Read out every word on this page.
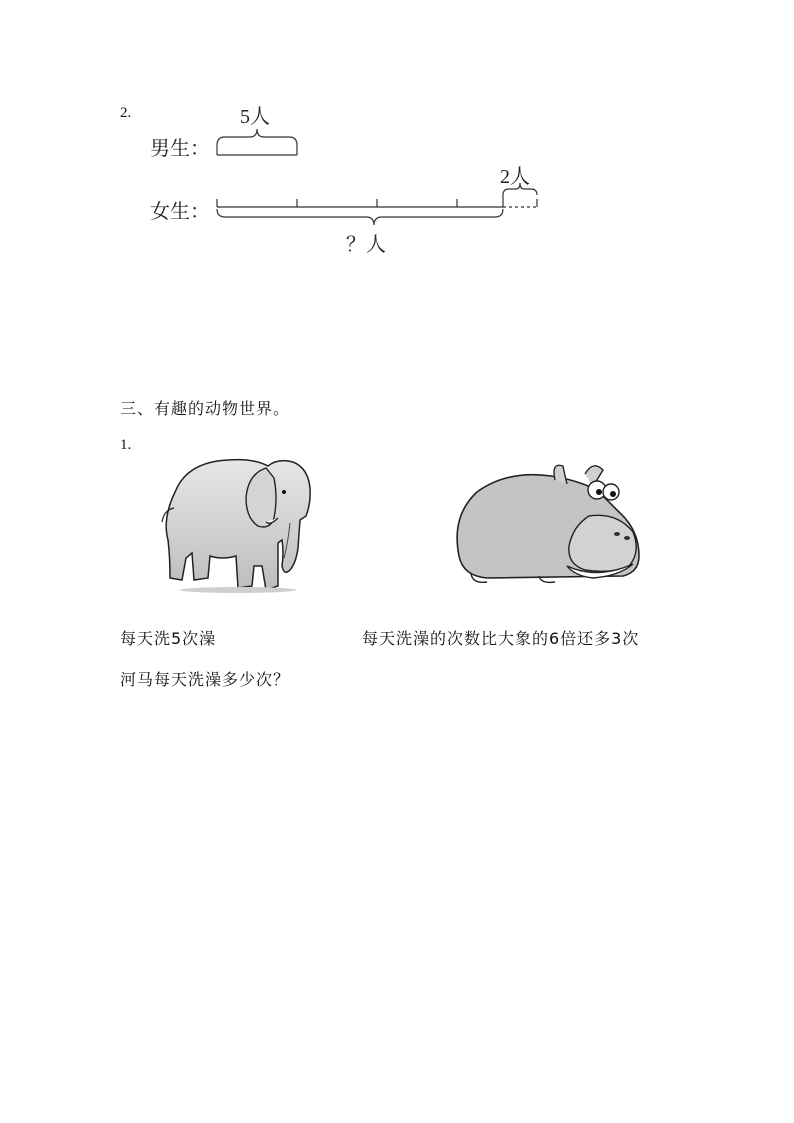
2.	5人
男生：
2人
女生：
？人
三、有趣的动物世界。
1.
每天洗5次澡	每天洗澡的次数比大象的6倍还多3次
河马每天洗澡多少次？
